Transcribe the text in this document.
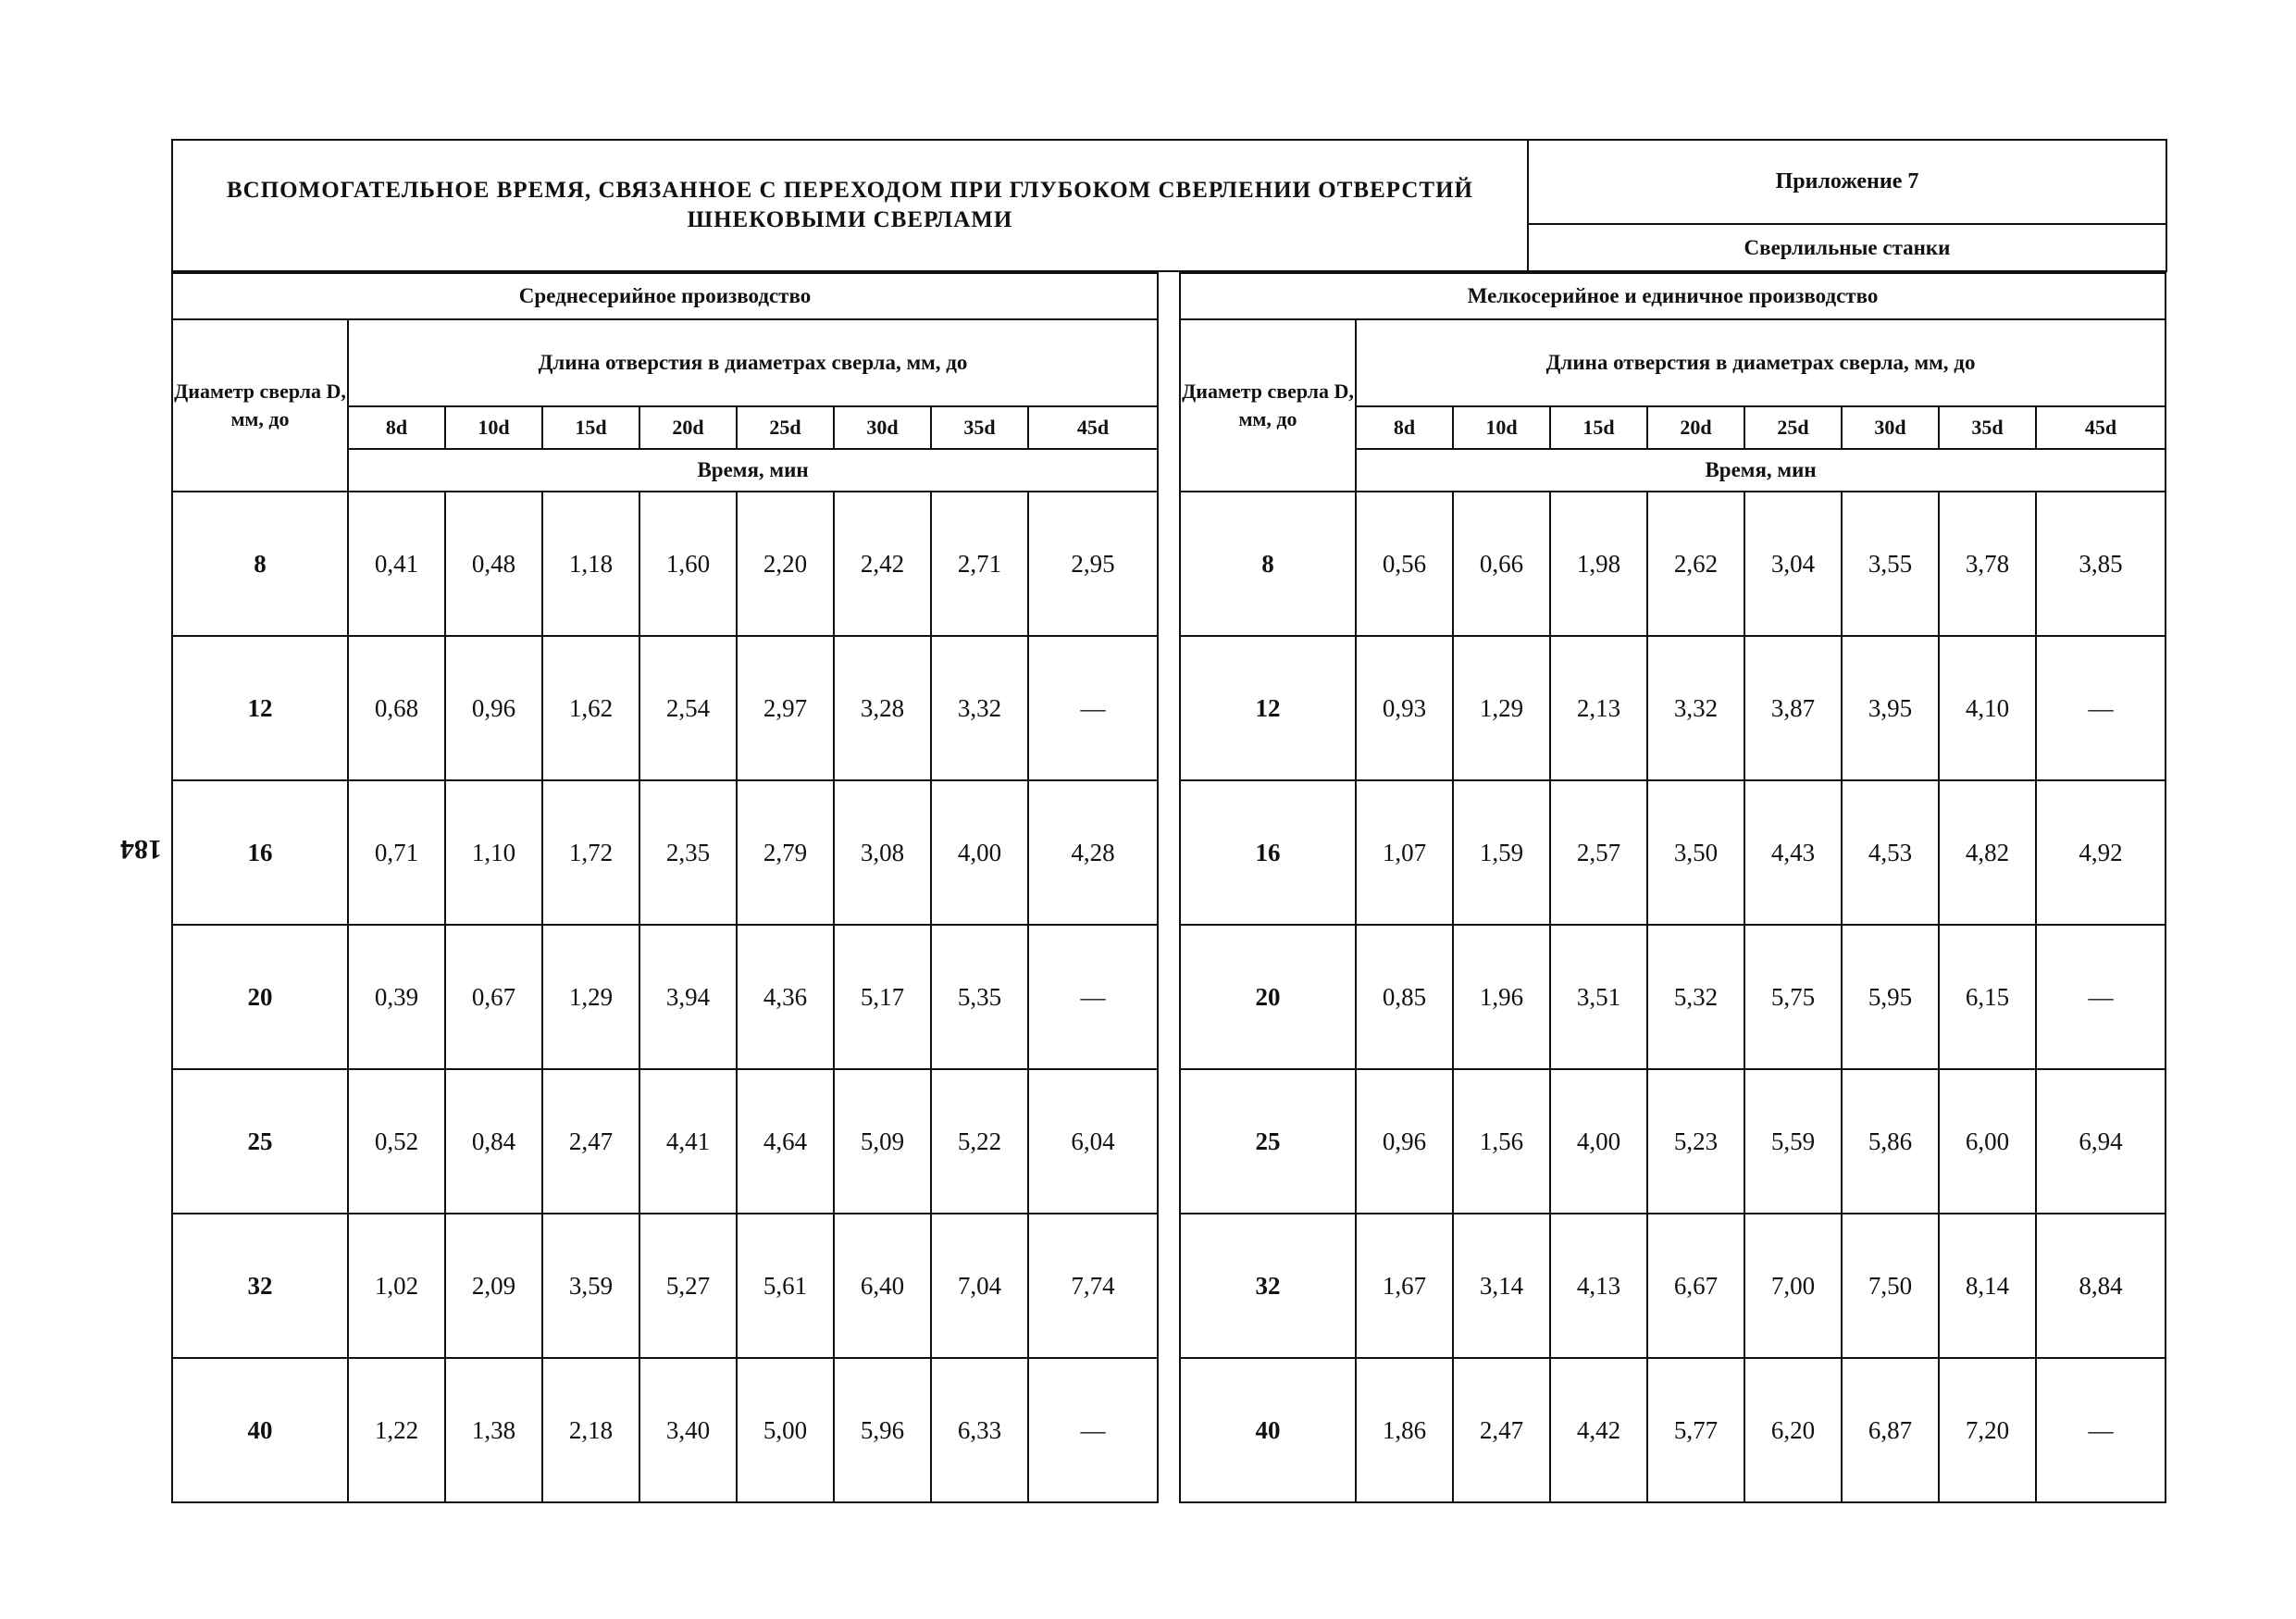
184
ВСПОМОГАТЕЛЬНОЕ ВРЕМЯ, СВЯЗАННОЕ С ПЕРЕХОДОМ ПРИ ГЛУБОКОМ СВЕРЛЕНИИ ОТВЕРСТИЙ ШНЕКОВЫМИ СВЕРЛАМИ	Приложение 7
Сверлильные станки
Среднесерийное производство								
Диаметр сверла D, мм, до	Длина отверстия в диаметрах сверла, мм, до							
	8d	10d	15d	20d	25d	30d	35d	45d
	Время, мин							
8	0,41	0,48	1,18	1,60	2,20	2,42	2,71	2,95
12	0,68	0,96	1,62	2,54	2,97	3,28	3,32	—
16	0,71	1,10	1,72	2,35	2,79	3,08	4,00	4,28
20	0,39	0,67	1,29	3,94	4,36	5,17	5,35	—
25	0,52	0,84	2,47	4,41	4,64	5,09	5,22	6,04
32	1,02	2,09	3,59	5,27	5,61	6,40	7,04	7,74
40	1,22	1,38	2,18	3,40	5,00	5,96	6,33	—
Мелкосерийное и единичное производство								
Диаметр сверла D, мм, до	Длина отверстия в диаметрах сверла, мм, до							
	8d	10d	15d	20d	25d	30d	35d	45d
	Время, мин							
8	0,56	0,66	1,98	2,62	3,04	3,55	3,78	3,85
12	0,93	1,29	2,13	3,32	3,87	3,95	4,10	—
16	1,07	1,59	2,57	3,50	4,43	4,53	4,82	4,92
20	0,85	1,96	3,51	5,32	5,75	5,95	6,15	—
25	0,96	1,56	4,00	5,23	5,59	5,86	6,00	6,94
32	1,67	3,14	4,13	6,67	7,00	7,50	8,14	8,84
40	1,86	2,47	4,42	5,77	6,20	6,87	7,20	—
